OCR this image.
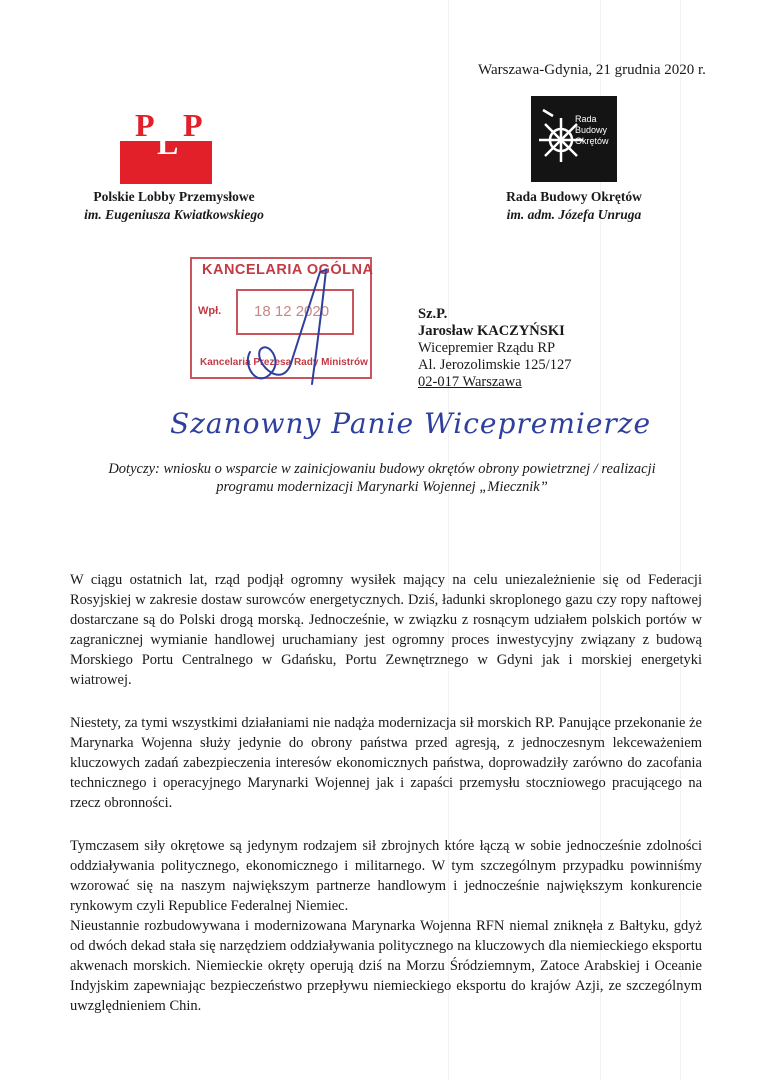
Warszawa-Gdynia, 21 grudnia 2020 r.
P P
L
Polskie Lobby Przemysłowe
im. Eugeniusza Kwiatkowskiego
Rada
Budowy
Okrętów
Rada Budowy Okrętów
im. adm. Józefa Unruga
KANCELARIA OGÓLNA
Wpł. 18 12 2020
Kancelaria Prezesa Rady Ministrów
Sz.P.
Jarosław KACZYŃSKI
Wicepremier Rządu RP
Al. Jerozolimskie 125/127
02-017 Warszawa
Szanowny Panie Wicepremierze
Dotyczy: wniosku o wsparcie w zainicjowaniu budowy okrętów obrony powietrznej / realizacji
programu modernizacji Marynarki Wojennej „Miecznik”

W ciągu ostatnich lat, rząd podjął ogromny wysiłek mający na celu uniezależnienie się od Federacji Rosyjskiej w zakresie dostaw surowców energetycznych. Dziś, ładunki skroplonego gazu czy ropy naftowej dostarczane są do Polski drogą morską. Jednocześnie, w związku z rosnącym udziałem polskich portów w zagranicznej wymianie handlowej uruchamiany jest ogromny proces inwestycyjny związany z budową Morskiego Portu Centralnego w Gdańsku, Portu Zewnętrznego w Gdyni jak i morskiej energetyki wiatrowej.

Niestety, za tymi wszystkimi działaniami nie nadąża modernizacja sił morskich RP. Panujące przekonanie że Marynarka Wojenna służy jedynie do obrony państwa przed agresją, z jednoczesnym lekceważeniem kluczowych zadań zabezpieczenia interesów ekonomicznych państwa, doprowadziły zarówno do zacofania technicznego i operacyjnego Marynarki Wojennej jak i zapaści przemysłu stoczniowego pracującego na rzecz obronności.

Tymczasem siły okrętowe są jedynym rodzajem sił zbrojnych które łączą w sobie jednocześnie zdolności oddziaływania politycznego, ekonomicznego i militarnego. W tym szczególnym przypadku powinniśmy wzorować się na naszym największym partnerze handlowym i jednocześnie największym konkurencie rynkowym czyli Republice Federalnej Niemiec.

Nieustannie rozbudowywana i modernizowana Marynarka Wojenna RFN niemal zniknęła z Bałtyku, gdyż od dwóch dekad stała się narzędziem oddziaływania politycznego na kluczowych dla niemieckiego eksportu akwenach morskich. Niemieckie okręty operują dziś na Morzu Śródziemnym, Zatoce Arabskiej i Oceanie Indyjskim zapewniając bezpieczeństwo przepływu niemieckiego eksportu do krajów Azji, ze szczególnym uwzględnieniem Chin.
